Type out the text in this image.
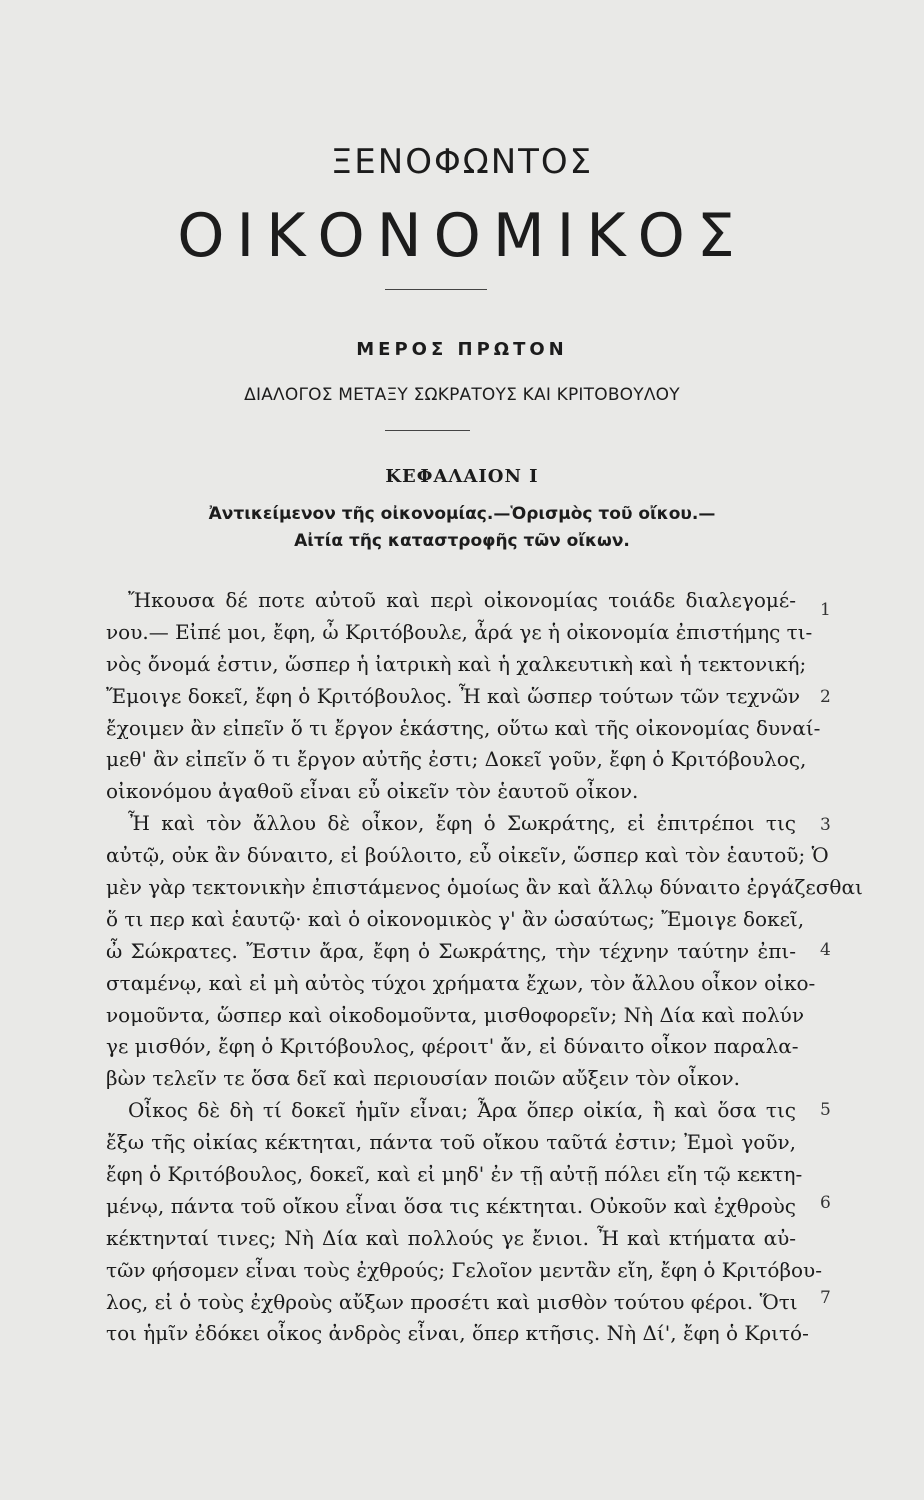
ΞΕΝΟΦΩΝΤΟΣ
ΟΙΚΟΝΟΜΙΚΟΣ
ΜΕΡΟΣ ΠΡΩΤΟΝ
ΔΙΑΛΟΓΟΣ ΜΕΤΑΞΥ ΣΩΚΡΑΤΟΥΣ ΚΑΙ ΚΡΙΤΟΒΟΥΛΟΥ
ΚΕΦΑΛΑΙΟΝ Ι
Ἀντικείμενον τῆς οἰκονομίας.—Ὁρισμὸς τοῦ οἴκου.—
Αἰτία τῆς καταστροφῆς τῶν οἴκων.
Ἤκουσα δέ ποτε αὐτοῦ καὶ περὶ οἰκονομίας τοιάδε διαλεγομέ-
νου.— Εἰπέ μοι, ἔφη, ὦ Κριτόβουλε, ἆρά γε ἡ οἰκονομία ἐπιστήμης τι-
νὸς ὄνομά ἐστιν, ὥσπερ ἡ ἰατρικὴ καὶ ἡ χαλκευτικὴ καὶ ἡ τεκτονική;
Ἔμοιγε δοκεῖ, ἔφη ὁ Κριτόβουλος. Ἦ καὶ ὥσπερ τούτων τῶν τεχνῶν
ἔχοιμεν ἂν εἰπεῖν ὅ τι ἔργον ἑκάστης, οὕτω καὶ τῆς οἰκονομίας δυναί-
μεθ' ἂν εἰπεῖν ὅ τι ἔργον αὐτῆς ἐστι; Δοκεῖ γοῦν, ἔφη ὁ Κριτόβουλος,
οἰκονόμου ἀγαθοῦ εἶναι εὖ οἰκεῖν τὸν ἑαυτοῦ οἶκον.
Ἦ καὶ τὸν ἄλλου δὲ οἶκον, ἔφη ὁ Σωκράτης, εἰ ἐπιτρέποι τις
αὐτῷ, οὐκ ἂν δύναιτο, εἰ βούλοιτο, εὖ οἰκεῖν, ὥσπερ καὶ τὸν ἑαυτοῦ; Ὁ
μὲν γὰρ τεκτονικὴν ἐπιστάμενος ὁμοίως ἂν καὶ ἄλλῳ δύναιτο ἐργάζεσθαι
ὅ τι περ καὶ ἑαυτῷ· καὶ ὁ οἰκονομικὸς γ' ἂν ὡσαύτως; Ἔμοιγε δοκεῖ,
ὦ Σώκρατες. Ἔστιν ἄρα, ἔφη ὁ Σωκράτης, τὴν τέχνην ταύτην ἐπι-
σταμένῳ, καὶ εἰ μὴ αὐτὸς τύχοι χρήματα ἔχων, τὸν ἄλλου οἶκον οἰκο-
νομοῦντα, ὥσπερ καὶ οἰκοδομοῦντα, μισθοφορεῖν; Νὴ Δία καὶ πολύν
γε μισθόν, ἔφη ὁ Κριτόβουλος, φέροιτ' ἄν, εἰ δύναιτο οἶκον παραλα-
βὼν τελεῖν τε ὅσα δεῖ καὶ περιουσίαν ποιῶν αὔξειν τὸν οἶκον.
Οἶκος δὲ δὴ τί δοκεῖ ἡμῖν εἶναι; Ἆρα ὅπερ οἰκία, ἢ καὶ ὅσα τις
ἔξω τῆς οἰκίας κέκτηται, πάντα τοῦ οἴκου ταῦτά ἐστιν; Ἐμοὶ γοῦν,
ἔφη ὁ Κριτόβουλος, δοκεῖ, καὶ εἰ μηδ' ἐν τῇ αὐτῇ πόλει εἴη τῷ κεκτη-
μένῳ, πάντα τοῦ οἴκου εἶναι ὅσα τις κέκτηται. Οὐκοῦν καὶ ἐχθροὺς
κέκτηνταί τινες; Νὴ Δία καὶ πολλούς γε ἔνιοι. Ἦ καὶ κτήματα αὐ-
τῶν φήσομεν εἶναι τοὺς ἐχθρούς; Γελοῖον μεντἂν εἴη, ἔφη ὁ Κριτόβου-
λος, εἰ ὁ τοὺς ἐχθροὺς αὔξων προσέτι καὶ μισθὸν τούτου φέροι. Ὅτι
τοι ἡμῖν ἐδόκει οἶκος ἀνδρὸς εἶναι, ὅπερ κτῆσις. Νὴ Δί', ἔφη ὁ Κριτό-
1
2
3
4
5
6
7
